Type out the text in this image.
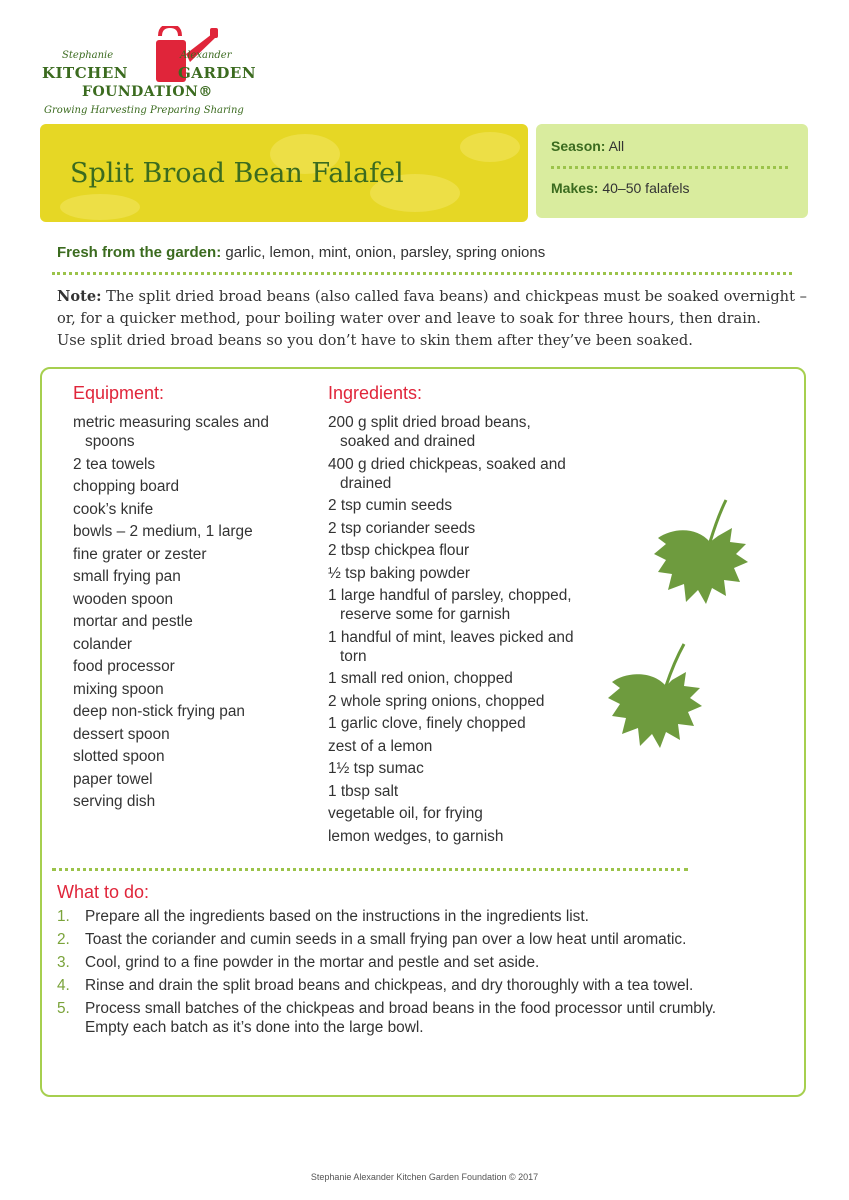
Stephanie	Alexander
KITCHEN	GARDEN
FOUNDATION®
Growing Harvesting Preparing Sharing
Split Broad Bean Falafel
Season: All
Makes: 40–50 falafels
Fresh from the garden: garlic, lemon, mint, onion, parsley, spring onions
Note: The split dried broad beans (also called fava beans) and chickpeas must be soaked overnight –
or, for a quicker method, pour boiling water over and leave to soak for three hours, then drain.
Use split dried broad beans so you don’t have to skin them after they’ve been soaked.
Equipment:
metric measuring scales and spoons
2 tea towels
chopping board
cook’s knife
bowls – 2 medium, 1 large
fine grater or zester
small frying pan
wooden spoon
mortar and pestle
colander
food processor
mixing spoon
deep non-stick frying pan
dessert spoon
slotted spoon
paper towel
serving dish
Ingredients:
200 g split dried broad beans, soaked and drained
400 g dried chickpeas, soaked and drained
2 tsp cumin seeds
2 tsp coriander seeds
2 tbsp chickpea flour
½ tsp baking powder
1 large handful of parsley, chopped, reserve some for garnish
1 handful of mint, leaves picked and torn
1 small red onion, chopped
2 whole spring onions, chopped
1 garlic clove, finely chopped
zest of a lemon
1½ tsp sumac
1 tbsp salt
vegetable oil, for frying
lemon wedges, to garnish
What to do:
1. Prepare all the ingredients based on the instructions in the ingredients list.
2. Toast the coriander and cumin seeds in a small frying pan over a low heat until aromatic.
3. Cool, grind to a fine powder in the mortar and pestle and set aside.
4. Rinse and drain the split broad beans and chickpeas, and dry thoroughly with a tea towel.
5. Process small batches of the chickpeas and broad beans in the food processor until crumbly. Empty each batch as it’s done into the large bowl.
Stephanie Alexander Kitchen Garden Foundation © 2017
